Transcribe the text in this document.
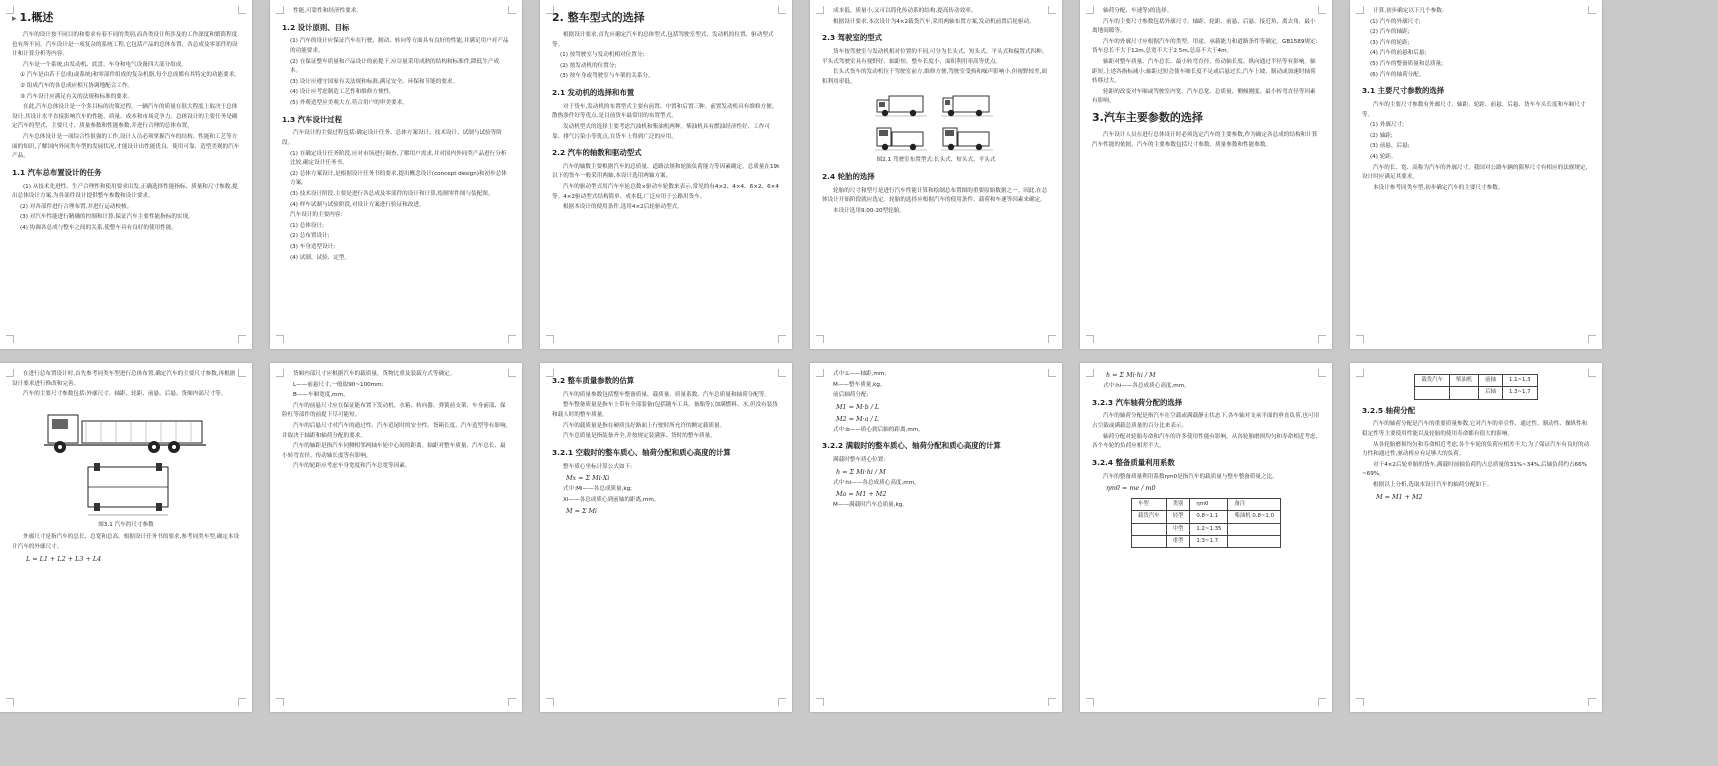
▸ 1.概述

汽车的设计按不同目的和要求有着不同的类别,而各类设计所涉及的工作深度和繁简程度也有所不同。汽车设计是一项复杂的系统工程,它包括产品的总体布置、各总成及零部件的设计和计算分析等内容。

汽车是一个系统,由发动机、底盘、车身和电气设备四大部分组成。

① 汽车是由若干总成(或系统)和零部件组成的复杂机器,每个总成都有其特定的功能要求。

② 组成汽车的各总成应相互协调地配合工作。

③ 汽车设计应满足有关的法规和标准的要求。

在此,汽车总体设计是一个多目标的决策过程。一辆汽车的质量在很大程度上取决于总体设计,其设计水平直接影响汽车的性能、质量、成本和市场竞争力。总体设计的主要任务是确定汽车的型式、主要尺寸、质量参数和性能参数,并进行合理的总体布置。

汽车总体设计是一项综合性很强的工作,设计人员必须掌握汽车的结构、性能和工艺等方面的知识,了解国内外同类车型的发展状况,才能设计出性能优良、使用可靠、造型美观的汽车产品。

1.1 汽车总布置设计的任务

(1) 从技术先进性、生产合理性和使用要求出发,正确选择性能指标、质量和尺寸参数,提出总体设计方案,为各部件设计提供整车参数和设计要求。

(2) 对各部件进行合理布置,并进行运动校核。

(3) 对汽车性能进行精确的控制和计算,保证汽车主要性能指标的实现。

(4) 协调各总成与整车之间的关系,使整车具有良好的使用性能。

性能,可靠性和经济性要求。

1.2 设计原则、目标

(1) 汽车的设计应保证汽车在行驶、制动、转向等方面具有良好的性能,并满足用户对产品的功能要求。

(2) 在保证整车质量和产品设计的前提下,应尽量采用成熟的结构和标准件,降低生产成本。

(3) 设计应遵守国家有关法规和标准,满足安全、环保和节能的要求。

(4) 设计应考虑制造工艺性和维修方便性。

(5) 外观造型应美观大方,符合用户的审美要求。

1.3 汽车设计过程

汽车设计的主要过程包括:确定设计任务、总体方案设计、技术设计、试制与试验等阶段。

(1) 在确定设计任务阶段,应对市场进行调查,了解用户需求,并对国内外同类产品进行分析比较,确定设计任务书。

(2) 总体方案设计,是根据设计任务书的要求,提出概念设计(concept design)和初步总体方案。

(3) 技术设计阶段,主要是进行各总成及零部件的设计和计算,绘制零件图与装配图。

(4) 样车试制与试验阶段,对设计方案进行验证和改进。

汽车设计的主要内容:

(1) 总体设计;

(2) 总布置设计;

(3) 车身造型设计;

(4) 试制、试验、定型。

2. 整车型式的选择

根据设计要求,首先应确定汽车的总体型式,包括驾驶室型式、发动机的位置、驱动型式等。

(1) 按驾驶室与发动机相对位置分;

(2) 按发动机的位置分;

(3) 按车身或驾驶室与车架的关系分。

2.1 发动机的选择和布置

对于货车,发动机的布置型式主要有前置、中置和后置三种。前置发动机具有维修方便、散热条件好等优点,是目前货车最常用的布置型式。

发动机型式的选择主要考虑汽油机和柴油机两种。柴油机具有燃油经济性好、工作可靠、排气污染小等优点,在货车上得到广泛的应用。

2.2 汽车的轴数和驱动型式

汽车的轴数主要根据汽车的总质量、道路法规和轮胎负荷能力等因素确定。总质量在19t以下的货车一般采用两轴,本设计选用两轴方案。

汽车的驱动型式用汽车车轮总数×驱动车轮数来表示,常见的有4×2、4×4、6×2、6×4等。4×2驱动型式结构简单、成本低,广泛应用于公路用货车。

根据本设计的使用条件,选用4×2后轮驱动型式。

成本低、质量小,又可以简化传动系的结构,提高传动效率。

根据设计要求,本次设计为4×2载货汽车,采用两轴布置方案,发动机前置后轮驱动。

2.3 驾驶室的型式

货车按驾驶室与发动机相对位置的不同,可分为长头式、短头式、平头式和偏置式四种。平头式驾驶室具有视野好、轴距短、整车长度小、面积利用率高等优点。

长头式货车的发动机位于驾驶室前方,维修方便,驾驶室受热和噪声影响小,但视野较差,面积利用率低。

图2.1 驾驶室布置型式:长头式、短头式、平头式

2.4 轮胎的选择

轮胎的尺寸和型号是进行汽车性能计算和绘制总布置图的重要原始数据之一。因此,在总体设计开始阶段就应选定。轮胎的选择应根据汽车的使用条件、载荷和车速等因素来确定。

本设计选用9.00-20型轮胎。

轴荷分配、车速等)的选择。

汽车的主要尺寸参数包括外廓尺寸、轴距、轮距、前悬、后悬、接近角、离去角、最小离地间隙等。

汽车的外廓尺寸应根据汽车的类型、用途、承载能力和道路条件等确定。GB1589规定:货车总长不大于12m,总宽不大于2.5m,总高不大于4m。

轴距对整车质量、汽车总长、最小转弯直径、传动轴长度、纵向通过半径等有影响。轴距短,上述各指标减小;轴距过短会使车厢长度不足或后悬过长,汽车上坡、制动或加速时轴荷转移过大。

轮距的改变对车厢或驾驶室内宽、汽车总宽、总质量、侧倾刚度、最小转弯直径等因素有影响。

3.汽车主要参数的选择

汽车设计人员在进行总体设计时必须选定汽车的主要参数,作为确定各总成的结构和计算汽车性能的依据。汽车的主要参数包括尺寸参数、质量参数和性能参数。

计算,初步确定以下几个参数:

(1) 汽车的外廓尺寸;

(2) 汽车的轴距;

(3) 汽车的轮距;

(4) 汽车的前悬和后悬;

(5) 汽车的整备质量和总质量;

(6) 汽车的轴荷分配。

3.1 主要尺寸参数的选择

汽车的主要尺寸参数有外廓尺寸、轴距、轮距、前悬、后悬、货车车头长度和车厢尺寸等。

(1) 外廓尺寸;

(2) 轴距;

(3) 前悬、后悬;

(4) 轮距。

汽车的长、宽、高称为汽车的外廓尺寸。我国对公路车辆的限界尺寸有相应的法规规定,设计时应满足其要求。

本设计参考同类车型,初步确定汽车的主要尺寸参数。

在进行总布置设计时,首先参考同类车型进行总体布置,确定汽车的主要尺寸参数,再根据设计要求进行修改和完善。

汽车的主要尺寸参数包括:外廓尺寸、轴距、轮距、前悬、后悬、货厢内部尺寸等。

图3.1 汽车的尺寸参数

外廓尺寸是指汽车的总长、总宽和总高。根据设计任务书的要求,参考同类车型,确定本设计汽车的外廓尺寸。

L = L1 + L2 + L3 + L4

货厢内部尺寸应根据汽车的载质量、货物比重及装载方式等确定。

L——前悬尺寸,一般取90~100mm;

B——车厢宽度,mm。

汽车的前悬尺寸应在保证能布置下发动机、水箱、转向器、弹簧前支架、车身前部、保险杠等部件的前提下尽可能短。

汽车的后悬尺寸对汽车的通过性、汽车追尾时的安全性、货箱长度、汽车造型等有影响,并取决于轴距和轴荷分配的要求。

汽车的轴距是指汽车同侧相邻两轴车轮中心间的距离。轴距对整车质量、汽车总长、最小转弯直径、传动轴长度等有影响。

汽车的轮距应考虑车身宽度和汽车总宽等因素。

3.2 整车质量参数的估算

汽车的质量参数包括整车整备质量、载质量、质量系数、汽车总质量和轴荷分配等。

整车整备质量是指车上带有全部装备(包括随车工具、备胎等),加满燃料、水,但没有装货和载人时的整车质量。

汽车的载质量是指在硬质良好路面上行驶时所允许的额定载质量。

汽车总质量是指装备齐全,并按规定装满客、货时的整车质量。

3.2.1 空载时的整车质心、轴荷分配和质心高度的计算

整车质心坐标计算公式如下:

Mx = Σ Mi·Xi

式中:Mi——各总成质量,kg;

Xi——各总成质心到前轴的距离,mm。

M = Σ Mi

式中:L——轴距,mm;

M——整车质量,kg。

前后轴荷分配:

M1 = M·b / L

M2 = M·a / L

式中:b——质心到后轴的距离,mm。

3.2.2 满载时的整车质心、轴荷分配和质心高度的计算

满载时整车质心位置:

h = Σ Mi·hi / M

式中:hi——各总成质心高度,mm。

Ma = M1 + M2

M——满载时汽车总质量,kg。

h = Σ Mi·hi / M

式中:hi——各总成质心高度,mm。

3.2.3 汽车轴荷分配的选择

汽车的轴荷分配是指汽车在空载或满载静止状态下,各车轴对支承平面的垂直负荷,也可用占空载或满载总质量的百分比来表示。

轴荷分配对轮胎寿命和汽车的许多使用性能有影响。从各轮胎磨损均匀和寿命相近考虑,各个车轮的负荷应相差不大。

3.2.4 整备质量利用系数

汽车的整备质量利用系数ηm0是指汽车的载质量与整车整备质量之比。

ηm0 = me / m0

车型	类别	ηm0	备注
载货汽车	轻型	0.8~1.1	柴油机 0.8~1.0
	中型	1.2~1.35	
	重型	1.3~1.7	
载货汽车	柴油机	前轴	1.1~1.3
		后轴	1.3~1.7
3.2.5 轴荷分配

汽车的轴荷分配是汽车的重要质量参数,它对汽车的牵引性、通过性、制动性、操纵性和稳定性等主要使用性能以及轮胎的使用寿命都有很大的影响。

从各轮胎磨损均匀和寿命相近考虑,各个车轮的负荷应相差不大;为了保证汽车有良好的动力性和通过性,驱动桥应有足够大的负荷。

对于4×2后轮单胎的货车,满载时前轴负荷约占总质量的31%~34%,后轴负荷约占66%~69%。

根据以上分析,选取本设计汽车的轴荷分配如下。

M = M1 + M2
